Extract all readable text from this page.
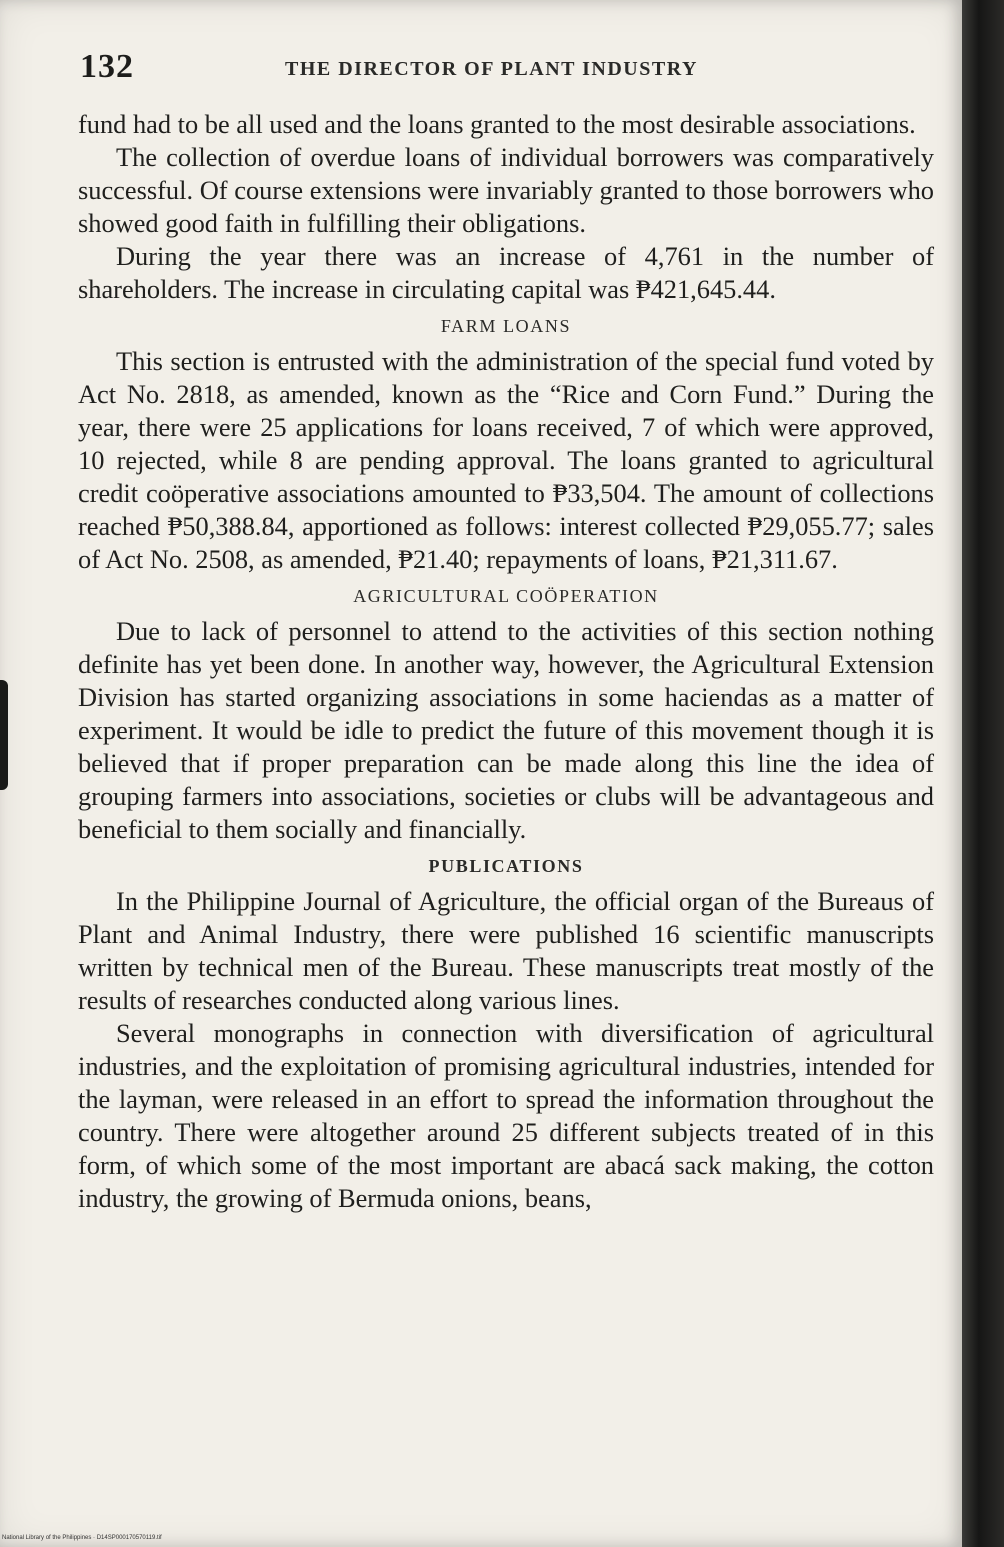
132	THE DIRECTOR OF PLANT INDUSTRY

fund had to be all used and the loans granted to the most desirable associations.

The collection of overdue loans of individual borrowers was comparatively successful. Of course extensions were invariably granted to those borrowers who showed good faith in fulfilling their obligations.

During the year there was an increase of 4,761 in the number of shareholders. The increase in circulating capital was ₱421,645.44.

FARM LOANS

This section is entrusted with the administration of the special fund voted by Act No. 2818, as amended, known as the “Rice and Corn Fund.” During the year, there were 25 applications for loans received, 7 of which were approved, 10 rejected, while 8 are pending approval. The loans granted to agricultural credit coöperative associations amounted to ₱33,504. The amount of collections reached ₱50,388.84, apportioned as follows: interest collected ₱29,055.77; sales of Act No. 2508, as amended, ₱21.40; repayments of loans, ₱21,311.67.

AGRICULTURAL COÖPERATION

Due to lack of personnel to attend to the activities of this section nothing definite has yet been done. In another way, however, the Agricultural Extension Division has started organizing associations in some haciendas as a matter of experiment. It would be idle to predict the future of this movement though it is believed that if proper preparation can be made along this line the idea of grouping farmers into associations, societies or clubs will be advantageous and beneficial to them socially and financially.

PUBLICATIONS

In the Philippine Journal of Agriculture, the official organ of the Bureaus of Plant and Animal Industry, there were published 16 scientific manuscripts written by technical men of the Bureau. These manuscripts treat mostly of the results of researches conducted along various lines.

Several monographs in connection with diversification of agricultural industries, and the exploitation of promising agricultural industries, intended for the layman, were released in an effort to spread the information throughout the country. There were altogether around 25 different subjects treated of in this form, of which some of the most important are abacá sack making, the cotton industry, the growing of Bermuda onions, beans,

National Library of the Philippines · D14SP000170570119.tif
